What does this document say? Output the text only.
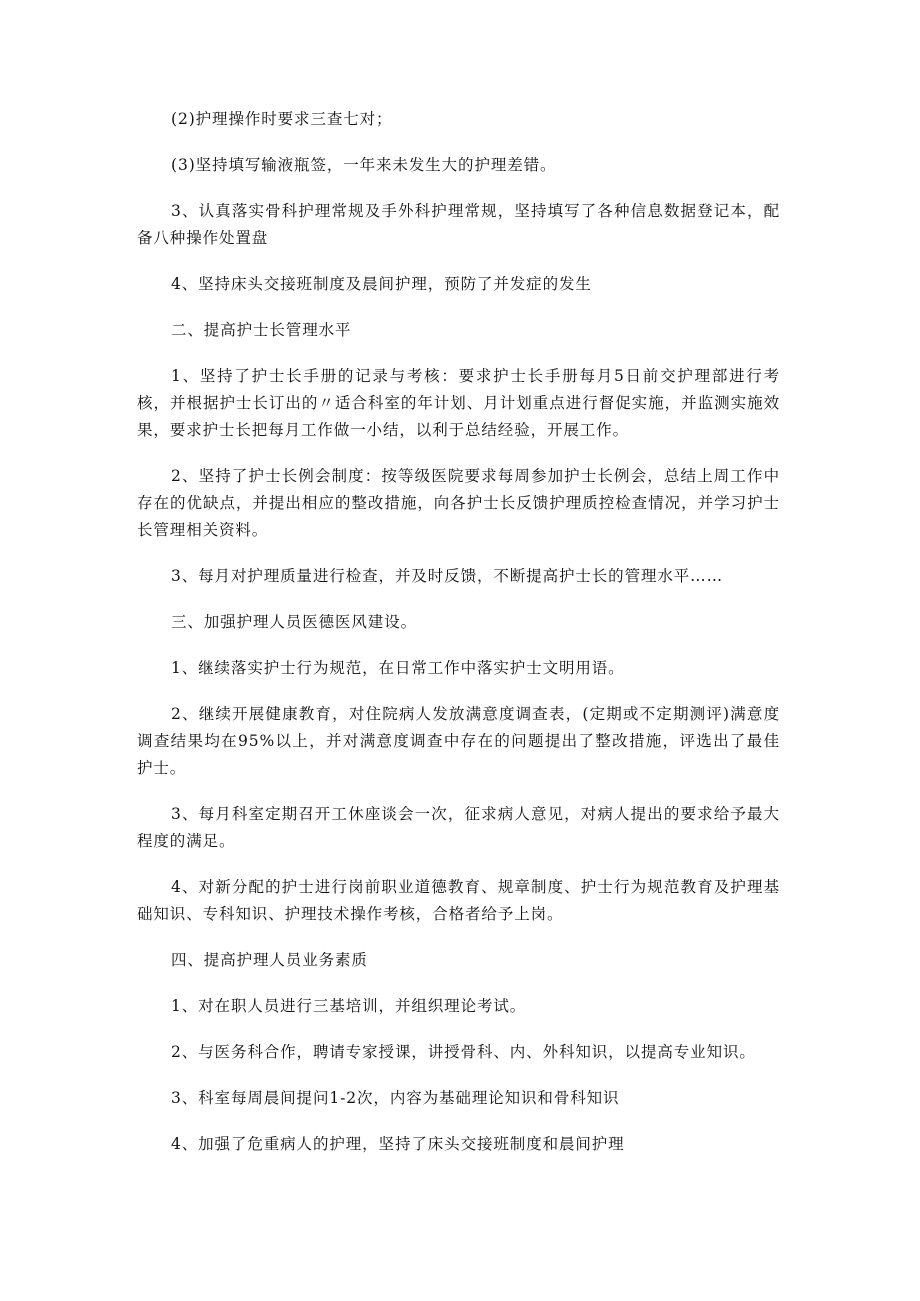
(2)护理操作时要求三查七对；

(3)坚持填写输液瓶签，一年来未发生大的护理差错。

3、认真落实骨科护理常规及手外科护理常规，坚持填写了各种信息数据登记本，配备八种操作处置盘

4、坚持床头交接班制度及晨间护理，预防了并发症的发生

二、提高护士长管理水平

1、坚持了护士长手册的记录与考核：要求护士长手册每月5日前交护理部进行考核，并根据护士长订出的〃适合科室的年计划、月计划重点进行督促实施，并监测实施效果，要求护士长把每月工作做一小结，以利于总结经验，开展工作。

2、坚持了护士长例会制度：按等级医院要求每周参加护士长例会，总结上周工作中存在的优缺点，并提出相应的整改措施，向各护士长反馈护理质控检查情况，并学习护士长管理相关资料。

3、每月对护理质量进行检查，并及时反馈，不断提高护士长的管理水平……

三、加强护理人员医德医风建设。

1、继续落实护士行为规范，在日常工作中落实护士文明用语。

2、继续开展健康教育，对住院病人发放满意度调查表，(定期或不定期测评)满意度调查结果均在95%以上，并对满意度调查中存在的问题提出了整改措施，评选出了最佳护士。

3、每月科室定期召开工休座谈会一次，征求病人意见，对病人提出的要求给予最大程度的满足。

4、对新分配的护士进行岗前职业道德教育、规章制度、护士行为规范教育及护理基础知识、专科知识、护理技术操作考核，合格者给予上岗。

四、提高护理人员业务素质

1、对在职人员进行三基培训，并组织理论考试。

2、与医务科合作，聘请专家授课，讲授骨科、内、外科知识，以提高专业知识。

3、科室每周晨间提问1-2次，内容为基础理论知识和骨科知识

4、加强了危重病人的护理，坚持了床头交接班制度和晨间护理
